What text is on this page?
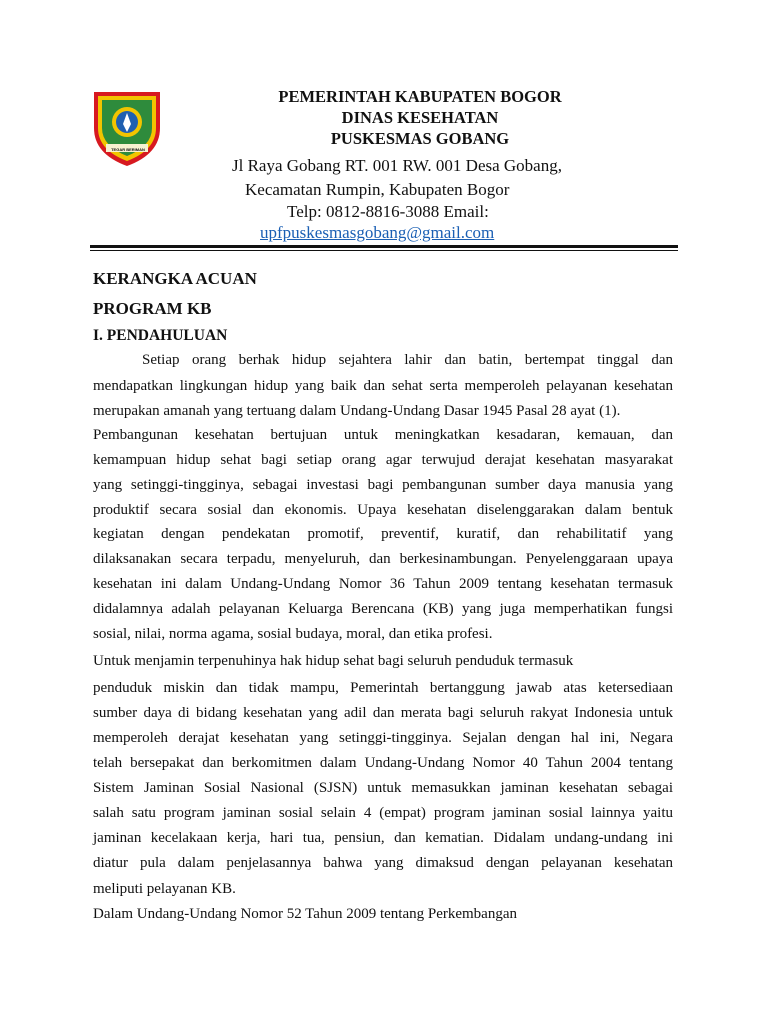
TEGAR BERIMAN
PEMERINTAH KABUPATEN BOGOR
DINAS KESEHATAN
PUSKESMAS GOBANG
Jl Raya Gobang RT. 001 RW. 001 Desa Gobang,
Kecamatan Rumpin, Kabupaten Bogor
Telp: 0812-8816-3088 Email:
upfpuskesmasgobang@gmail.com
KERANGKA ACUAN
PROGRAM KB
I. PENDAHULUAN
Setiap orang berhak hidup sejahtera lahir dan batin, bertempat tinggal dan
mendapatkan lingkungan hidup yang baik dan sehat serta memperoleh pelayanan kesehatan
merupakan amanah yang tertuang dalam Undang-Undang Dasar 1945 Pasal 28 ayat (1).
Pembangunan kesehatan bertujuan untuk meningkatkan kesadaran, kemauan, dan
kemampuan hidup sehat bagi setiap orang agar terwujud derajat kesehatan masyarakat
yang setinggi-tingginya, sebagai investasi bagi pembangunan sumber daya manusia yang
produktif secara sosial dan ekonomis. Upaya kesehatan diselenggarakan dalam bentuk
kegiatan dengan pendekatan promotif, preventif, kuratif, dan rehabilitatif yang
dilaksanakan secara terpadu, menyeluruh, dan berkesinambungan. Penyelenggaraan upaya
kesehatan ini dalam Undang-Undang Nomor 36 Tahun 2009 tentang kesehatan termasuk
didalamnya adalah pelayanan Keluarga Berencana (KB) yang juga memperhatikan fungsi
sosial, nilai, norma agama, sosial budaya, moral, dan etika profesi.
Untuk menjamin terpenuhinya hak hidup sehat bagi seluruh penduduk termasuk
penduduk miskin dan tidak mampu, Pemerintah bertanggung jawab atas ketersediaan
sumber daya di bidang kesehatan yang adil dan merata bagi seluruh rakyat Indonesia untuk
memperoleh derajat kesehatan yang setinggi-tingginya. Sejalan dengan hal ini, Negara
telah bersepakat dan berkomitmen dalam Undang-Undang Nomor 40 Tahun 2004 tentang
Sistem Jaminan Sosial Nasional (SJSN) untuk memasukkan jaminan kesehatan sebagai
salah satu program jaminan sosial selain 4 (empat) program jaminan sosial lainnya yaitu
jaminan kecelakaan kerja, hari tua, pensiun, dan kematian. Didalam undang-undang ini
diatur pula dalam penjelasannya bahwa yang dimaksud dengan pelayanan kesehatan
meliputi pelayanan KB.
Dalam Undang-Undang Nomor 52 Tahun 2009 tentang Perkembangan
